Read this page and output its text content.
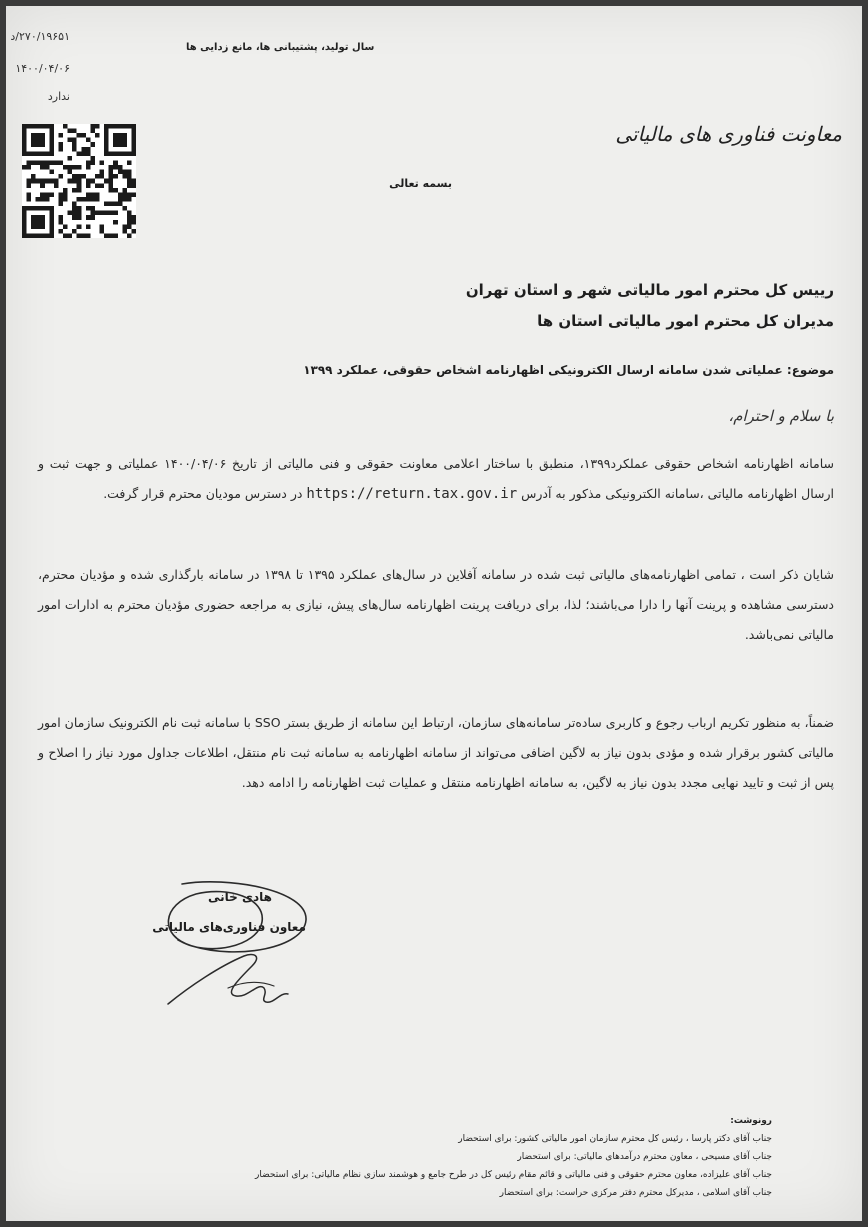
۲۷۰/۱۹۶۵۱/د
۱۴۰۰/۰۴/۰۶
ندارد
سال تولید، پشتیبانی ها، مانع زدایی ها
معاونت فناوری های مالیاتی
بسمه تعالی
رییس کل محترم امور مالیاتی شهر و استان تهران
مدیران کل محترم امور مالیاتی استان ها
موضوع: عملیاتی شدن سامانه ارسال الکترونیکی اظهارنامه اشخاص حقوقی، عملکرد ۱۳۹۹
با سلام و احترام،
سامانه اظهارنامه اشخاص حقوقی عملکرد۱۳۹۹، منطبق با ساختار اعلامی معاونت حقوقی و فنی مالیاتی از تاریخ ۱۴۰۰/۰۴/۰۶ عملیاتی و جهت ثبت و ارسال اظهارنامه مالیاتی ،سامانه الکترونیکی مذکور به آدرس https://return.tax.gov.ir در دسترس مودیان محترم قرار گرفت.
شایان ذکر است ، تمامی اظهارنامه‌های مالیاتی ثبت شده در سامانه آفلاین در سال‌های عملکرد ۱۳۹۵ تا ۱۳۹۸ در سامانه بارگذاری شده و مؤدیان محترم، دسترسی مشاهده و پرینت آنها را دارا می‌باشند؛ لذا، برای دریافت پرینت اظهارنامه سال‌های پیش، نیازی به مراجعه حضوری مؤدیان محترم به ادارات امور مالیاتی نمی‌باشد.
ضمناً، به منظور تکریم ارباب رجوع و کاربری ساده‌تر سامانه‌های سازمان، ارتباط این سامانه از طریق بستر SSO با سامانه ثبت نام الکترونیک سازمان امور مالیاتی کشور برقرار شده و مؤدی بدون نیاز به لاگین اضافی می‌تواند از سامانه اظهارنامه به سامانه ثبت نام منتقل، اطلاعات جداول مورد نیاز را اصلاح و پس از ثبت و تایید نهایی مجدد بدون نیاز به لاگین، به سامانه اظهارنامه منتقل و عملیات ثبت اظهارنامه را ادامه دهد.
هادی خانی
معاون فناوری‌های مالیاتی
رونوشت:
جناب آقای دکتر پارسا ، رئیس کل محترم سازمان امور مالیاتی کشور: برای استحضار
جناب آقای مسیحی ، معاون محترم درآمدهای مالیاتی: برای استحضار
جناب آقای علیزاده، معاون محترم حقوقی و فنی مالیاتی و قائم مقام رئیس کل در طرح جامع و هوشمند سازی نظام مالیاتی: برای استحضار
جناب آقای اسلامی ، مدیرکل محترم دفتر مرکزی حراست: برای استحضار
